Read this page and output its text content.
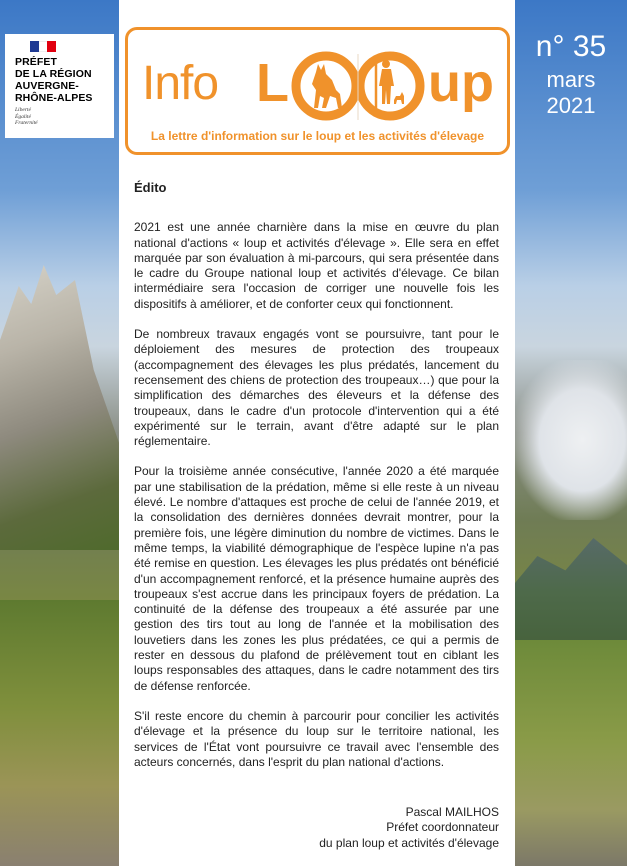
PRÉFET
DE LA RÉGION
AUVERGNE-
RHÔNE-ALPES
Liberté
Égalité
Fraternité
Info L	up
La lettre d'information sur le loup et les activités d'élevage
n° 35
mars
2021
Édito

2021 est une année charnière dans la mise en œuvre du plan national d'actions « loup et activités d'élevage ». Elle sera en effet marquée par son évaluation à mi-parcours, qui sera présentée dans le cadre du Groupe national loup et activités d'élevage. Ce bilan intermédiaire sera l'occasion de corriger une nouvelle fois les dispositifs à améliorer, et de conforter ceux qui fonctionnent.

De nombreux travaux engagés vont se poursuivre, tant pour le déploiement des mesures de protection des troupeaux (accompagnement des élevages les plus prédatés, lancement du recensement des chiens de protection des troupeaux…) que pour la simplification des démarches des éleveurs et la défense des troupeaux, dans le cadre d'un protocole d'intervention qui a été expérimenté sur le terrain, avant d'être adapté sur le plan réglementaire.

Pour la troisième année consécutive, l'année 2020 a été marquée par une stabilisation de la prédation, même si elle reste à un niveau élevé. Le nombre d'attaques est proche de celui de l'année 2019, et la consolidation des dernières données devrait montrer, pour la première fois, une légère diminution du nombre de victimes. Dans le même temps, la viabilité démographique de l'espèce lupine n'a pas été remise en question. Les élevages les plus prédatés ont bénéficié d'un accompagnement renforcé, et la présence humaine auprès des troupeaux s'est accrue dans les principaux foyers de prédation. La continuité de la défense des troupeaux a été assurée par une gestion des tirs tout au long de l'année et la mobilisation des louvetiers dans les zones les plus prédatées, ce qui a permis de rester en dessous du plafond de prélèvement tout en ciblant les loups responsables des attaques, dans le cadre notamment des tirs de défense renforcée.

S'il reste encore du chemin à parcourir pour concilier les activités d'élevage et la présence du loup sur le territoire national, les services de l'État vont poursuivre ce travail avec l'ensemble des acteurs concernés, dans l'esprit du plan national d'actions.

Pascal MAILHOS
Préfet coordonnateur
du plan loup et activités d'élevage
